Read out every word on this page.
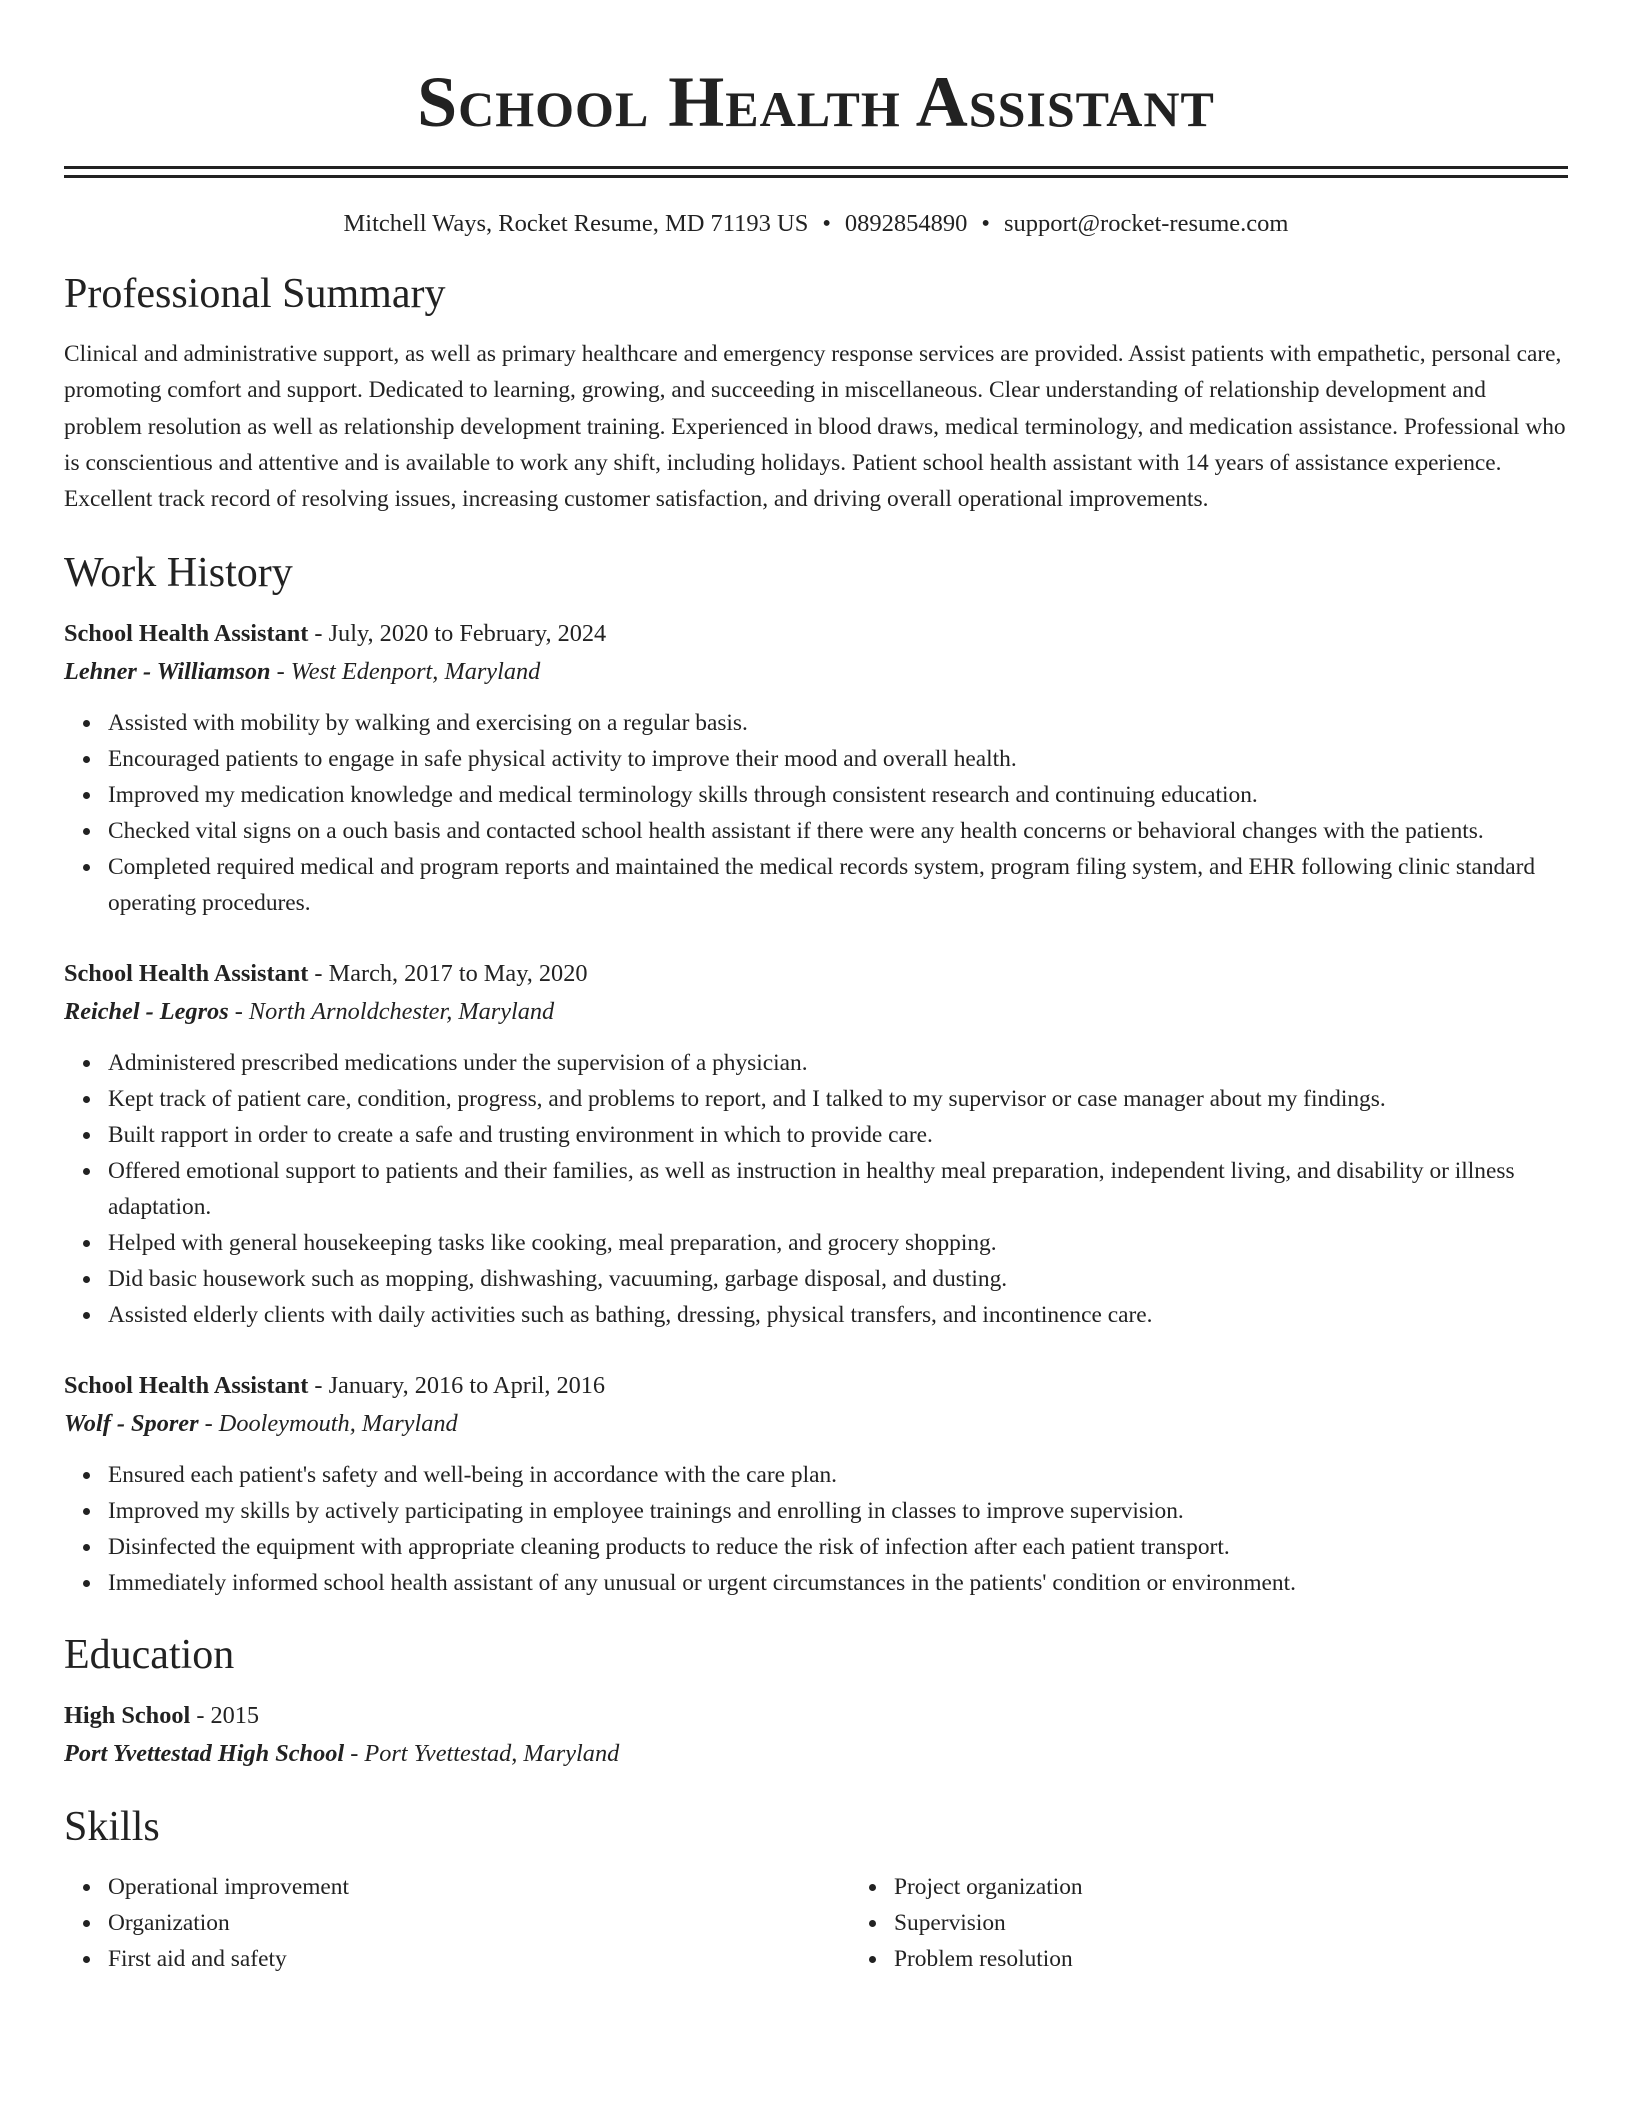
School Health Assistant
Mitchell Ways, Rocket Resume, MD 71193 US • 0892854890 • support@rocket-resume.com
Professional Summary

Clinical and administrative support, as well as primary healthcare and emergency response services are provided. Assist patients with empathetic, personal care, promoting comfort and support. Dedicated to learning, growing, and succeeding in miscellaneous. Clear understanding of relationship development and problem resolution as well as relationship development training. Experienced in blood draws, medical terminology, and medication assistance. Professional who is conscientious and attentive and is available to work any shift, including holidays. Patient school health assistant with 14 years of assistance experience. Excellent track record of resolving issues, increasing customer satisfaction, and driving overall operational improvements.

Work History

School Health Assistant - July, 2020 to February, 2024

Lehner - Williamson - West Edenport, Maryland

Assisted with mobility by walking and exercising on a regular basis.
Encouraged patients to engage in safe physical activity to improve their mood and overall health.
Improved my medication knowledge and medical terminology skills through consistent research and continuing education.
Checked vital signs on a ouch basis and contacted school health assistant if there were any health concerns or behavioral changes with the patients.
Completed required medical and program reports and maintained the medical records system, program filing system, and EHR following clinic standard operating procedures.

School Health Assistant - March, 2017 to May, 2020

Reichel - Legros - North Arnoldchester, Maryland

Administered prescribed medications under the supervision of a physician.
Kept track of patient care, condition, progress, and problems to report, and I talked to my supervisor or case manager about my findings.
Built rapport in order to create a safe and trusting environment in which to provide care.
Offered emotional support to patients and their families, as well as instruction in healthy meal preparation, independent living, and disability or illness adaptation.
Helped with general housekeeping tasks like cooking, meal preparation, and grocery shopping.
Did basic housework such as mopping, dishwashing, vacuuming, garbage disposal, and dusting.
Assisted elderly clients with daily activities such as bathing, dressing, physical transfers, and incontinence care.

School Health Assistant - January, 2016 to April, 2016

Wolf - Sporer - Dooleymouth, Maryland

Ensured each patient's safety and well-being in accordance with the care plan.
Improved my skills by actively participating in employee trainings and enrolling in classes to improve supervision.
Disinfected the equipment with appropriate cleaning products to reduce the risk of infection after each patient transport.
Immediately informed school health assistant of any unusual or urgent circumstances in the patients' condition or environment.
Education

High School - 2015

Port Yvettestad High School - Port Yvettestad, Maryland

Skills
Operational improvement
Organization
First aid and safety
Project organization
Supervision
Problem resolution
